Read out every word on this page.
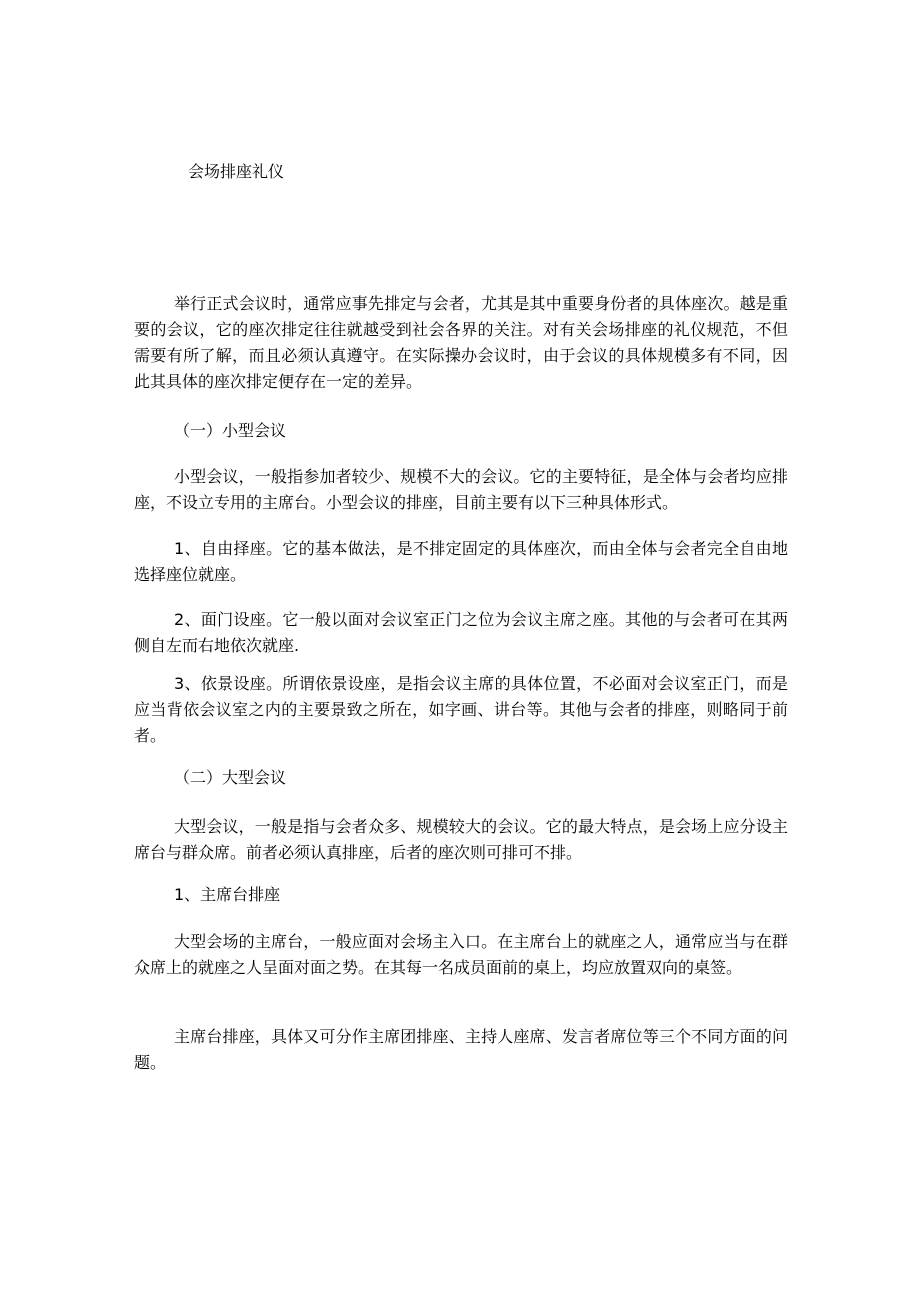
会场排座礼仪

举行正式会议时，通常应事先排定与会者，尤其是其中重要身份者的具体座次。越是重要的会议，它的座次排定往往就越受到社会各界的关注。对有关会场排座的礼仪规范，不但需要有所了解，而且必须认真遵守。在实际操办会议时，由于会议的具体规模多有不同，因此其具体的座次排定便存在一定的差异。

（一）小型会议

小型会议，一般指参加者较少、规模不大的会议。它的主要特征，是全体与会者均应排座，不设立专用的主席台。小型会议的排座，目前主要有以下三种具体形式。

1、自由择座。它的基本做法，是不排定固定的具体座次，而由全体与会者完全自由地选择座位就座。

2、面门设座。它一般以面对会议室正门之位为会议主席之座。其他的与会者可在其两侧自左而右地依次就座.

3、依景设座。所谓依景设座，是指会议主席的具体位置，不必面对会议室正门，而是应当背依会议室之内的主要景致之所在，如字画、讲台等。其他与会者的排座，则略同于前者。

（二）大型会议

大型会议，一般是指与会者众多、规模较大的会议。它的最大特点，是会场上应分设主席台与群众席。前者必须认真排座，后者的座次则可排可不排。

1、主席台排座

大型会场的主席台，一般应面对会场主入口。在主席台上的就座之人，通常应当与在群众席上的就座之人呈面对面之势。在其每一名成员面前的桌上，均应放置双向的桌签。

主席台排座，具体又可分作主席团排座、主持人座席、发言者席位等三个不同方面的问题。
